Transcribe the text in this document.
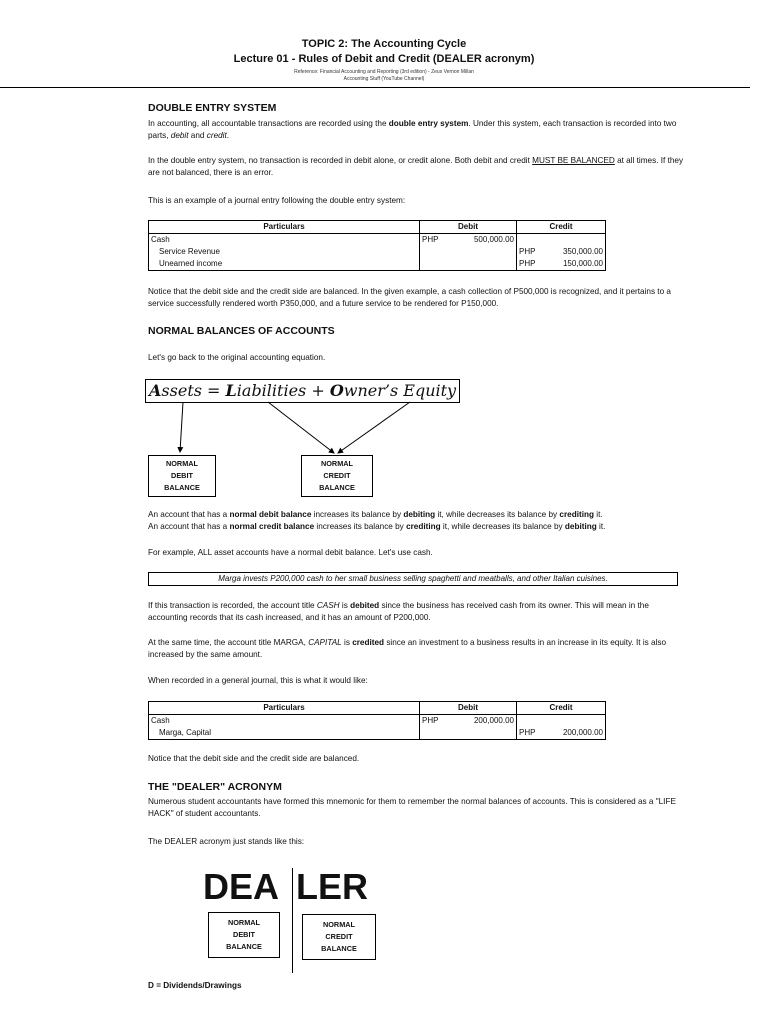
TOPIC 2: The Accounting Cycle
Lecture 01 - Rules of Debit and Credit (DEALER acronym)
Reference: Financial Accounting and Reporting (3rd edition) - Zeus Vernon Millan
Accounting Stuff (YouTube Channel)
DOUBLE ENTRY SYSTEM
In accounting, all accountable transactions are recorded using the double entry system. Under this system, each transaction is recorded into two parts, debit and credit.
In the double entry system, no transaction is recorded in debit alone, or credit alone. Both debit and credit MUST BE BALANCED at all times. If they are not balanced, there is an error.
This is an example of a journal entry following the double entry system:
Particulars	Debit	Credit
Cash	PHP 500,000.00	

Service Revenue		PHP 350,000.00

Unearned income		PHP 150,000.00
Notice that the debit side and the credit side are balanced. In the given example, a cash collection of P500,000 is recognized, and it pertains to a service successfully rendered worth P350,000, and a future service to be rendered for P150,000.
NORMAL BALANCES OF ACCOUNTS
Let's go back to the original accounting equation.
Assets = Liabilities + Owner’s Equity
NORMAL
DEBIT
BALANCE
NORMAL
CREDIT
BALANCE
An account that has a normal debit balance increases its balance by debiting it, while decreases its balance by crediting it.
An account that has a normal credit balance increases its balance by crediting it, while decreases its balance by debiting it.
For example, ALL asset accounts have a normal debit balance. Let's use cash.
Marga invests P200,000 cash to her small business selling spaghetti and meatballs, and other Italian cuisines.
If this transaction is recorded, the account title CASH is debited since the business has received cash from its owner. This will mean in the accounting records that its cash increased, and it has an amount of P200,000.
At the same time, the account title MARGA, CAPITAL is credited since an investment to a business results in an increase in its equity. It is also increased by the same amount.
When recorded in a general journal, this is what it would like:
Particulars	Debit	Credit
Cash	PHP 200,000.00	

Marga, Capital		PHP 200,000.00
Notice that the debit side and the credit side are balanced.
THE "DEALER" ACRONYM
Numerous student accountants have formed this mnemonic for them to remember the normal balances of accounts. This is considered as a "LIFE HACK" of student accountants.
The DEALER acronym just stands like this:
DEA LER
NORMAL
DEBIT
BALANCE
NORMAL
CREDIT
BALANCE
D = Dividends/Drawings
